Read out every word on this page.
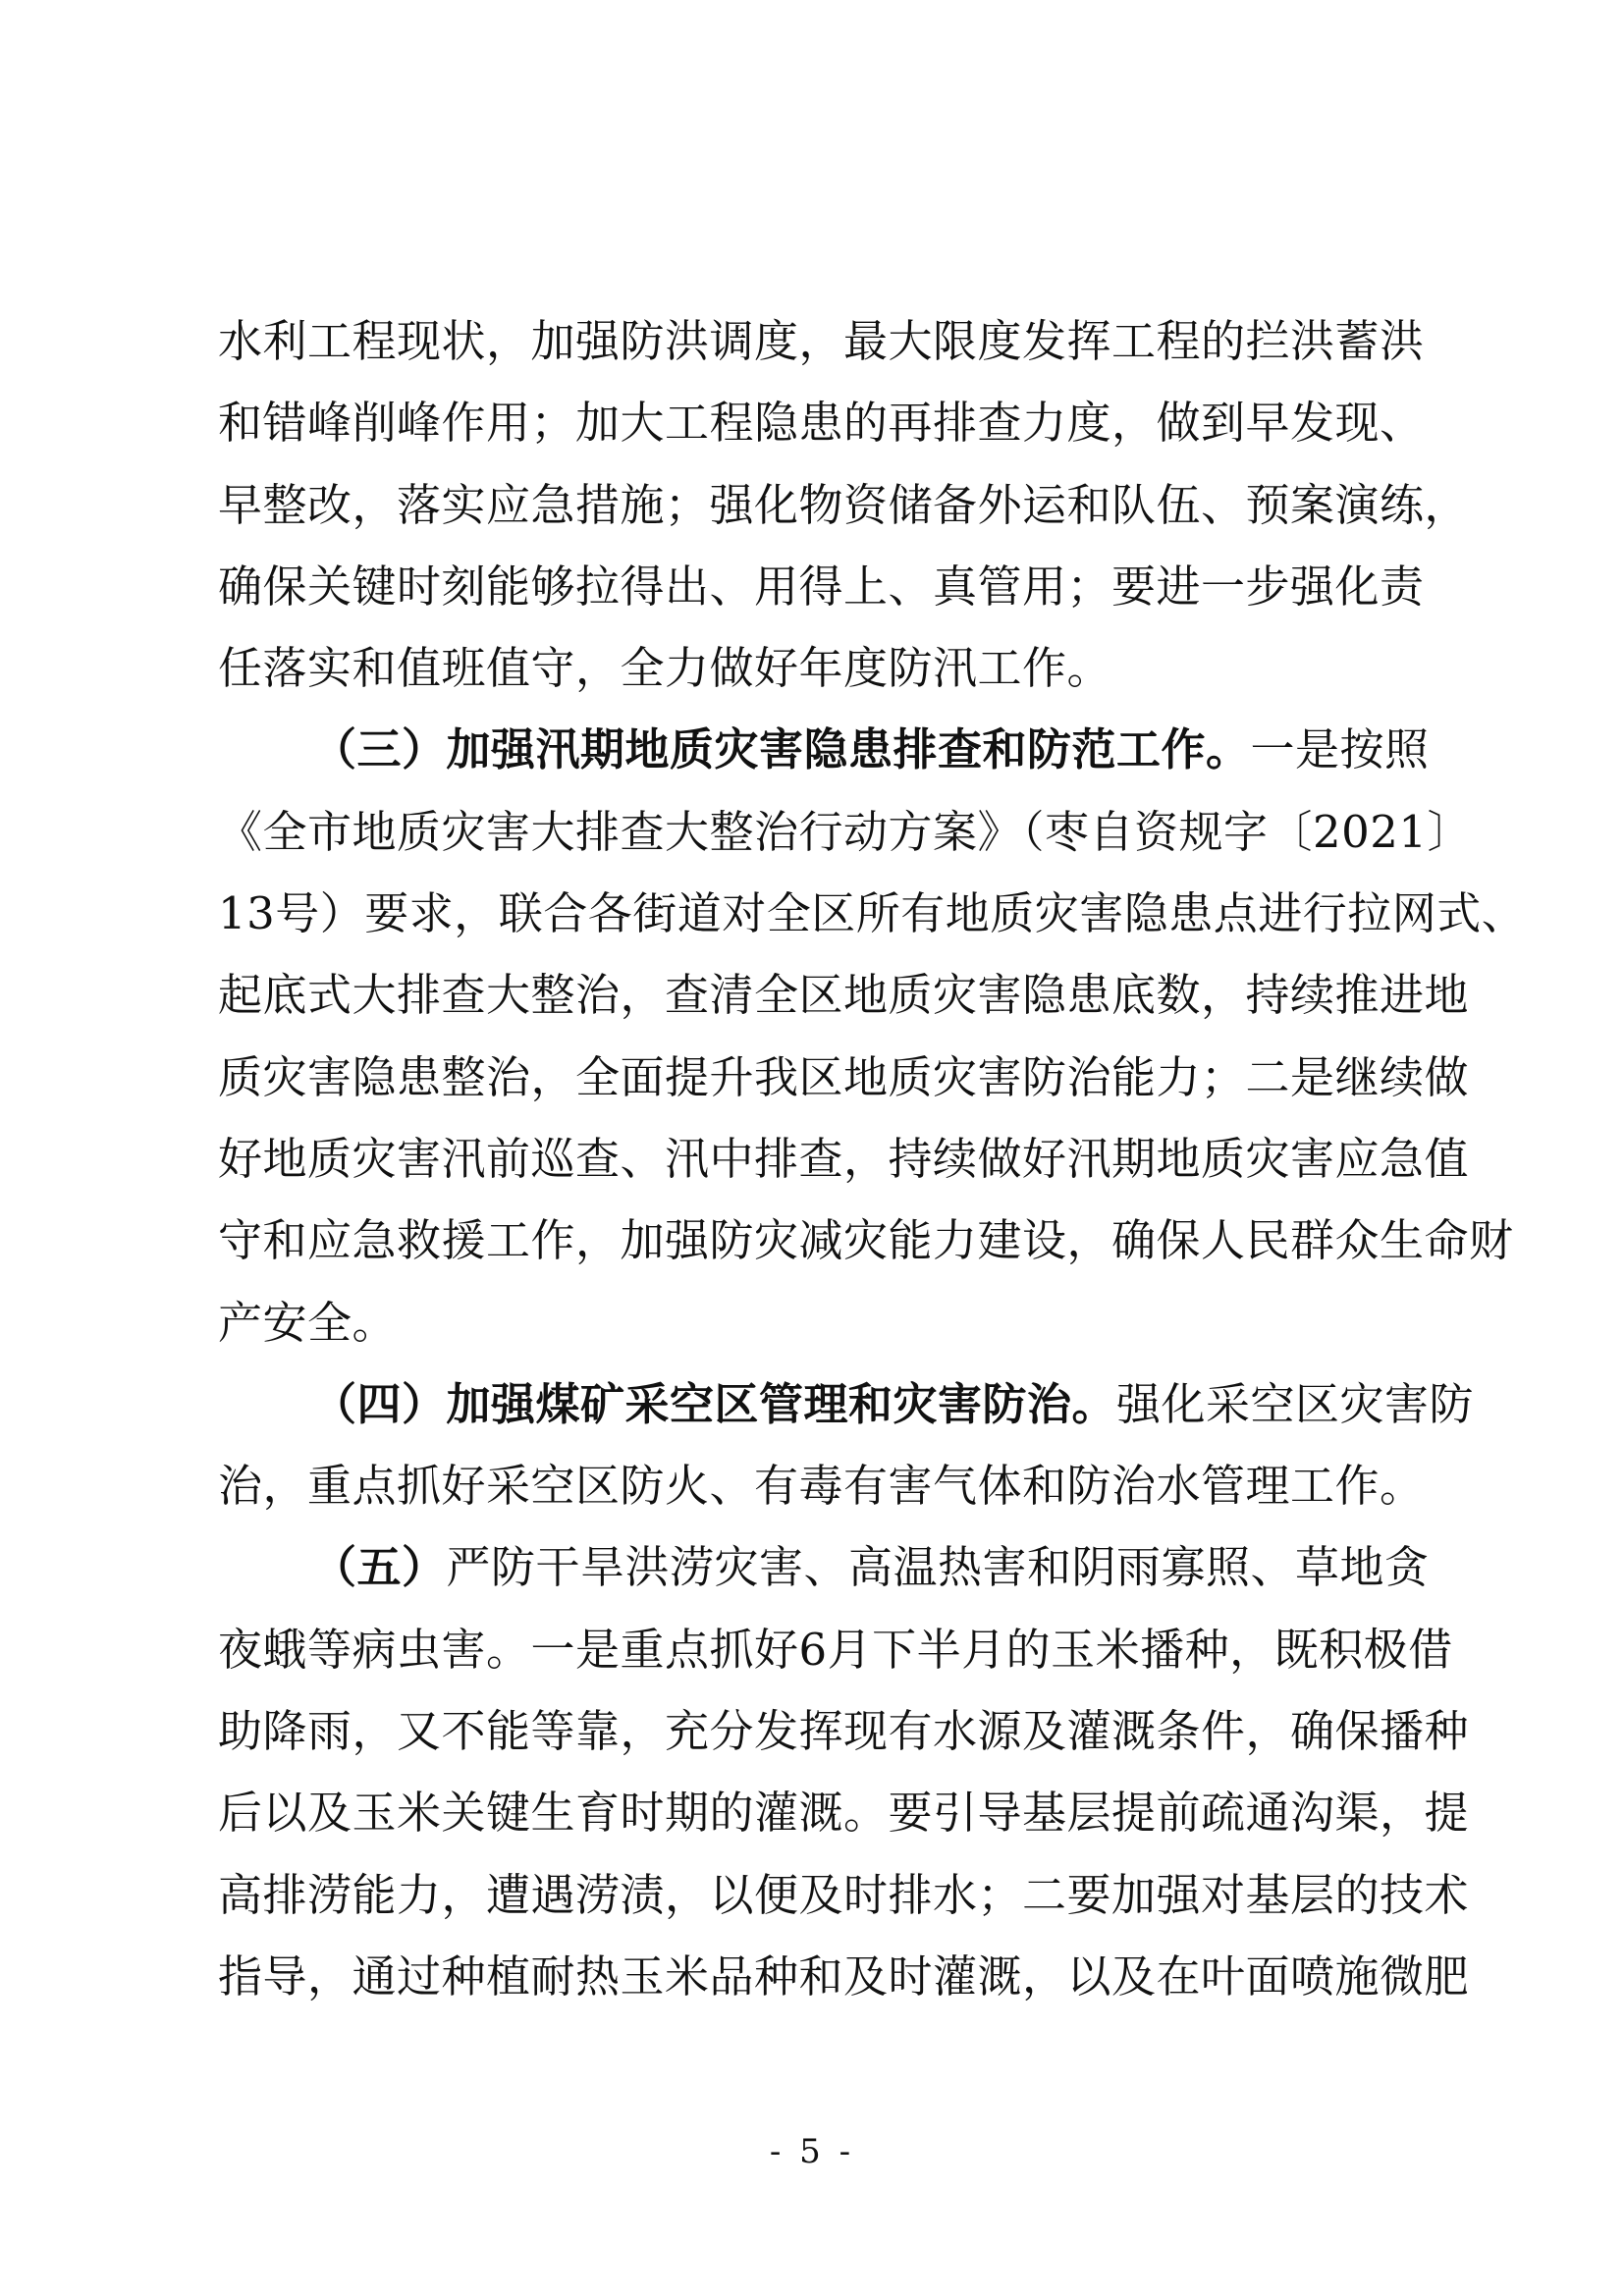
水利工程现状，加强防洪调度，最大限度发挥工程的拦洪蓄洪
和错峰削峰作用；加大工程隐患的再排查力度，做到早发现、
早整改，落实应急措施；强化物资储备外运和队伍、预案演练，
确保关键时刻能够拉得出、用得上、真管用；要进一步强化责
任落实和值班值守，全力做好年度防汛工作。
（三）加强汛期地质灾害隐患排查和防范工作。一是按照
《全市地质灾害大排查大整治行动方案》（枣自资规字〔2021〕
13号）要求，联合各街道对全区所有地质灾害隐患点进行拉网式、
起底式大排查大整治，查清全区地质灾害隐患底数，持续推进地
质灾害隐患整治，全面提升我区地质灾害防治能力；二是继续做
好地质灾害汛前巡查、汛中排查，持续做好汛期地质灾害应急值
守和应急救援工作，加强防灾减灾能力建设，确保人民群众生命财
产安全。
（四）加强煤矿采空区管理和灾害防治。强化采空区灾害防
治，重点抓好采空区防火、有毒有害气体和防治水管理工作。
（五）严防干旱洪涝灾害、高温热害和阴雨寡照、草地贪
夜蛾等病虫害。一是重点抓好6月下半月的玉米播种，既积极借
助降雨，又不能等靠，充分发挥现有水源及灌溉条件，确保播种
后以及玉米关键生育时期的灌溉。要引导基层提前疏通沟渠，提
高排涝能力，遭遇涝渍，以便及时排水；二要加强对基层的技术
指导，通过种植耐热玉米品种和及时灌溉，以及在叶面喷施微肥
- 5 -
